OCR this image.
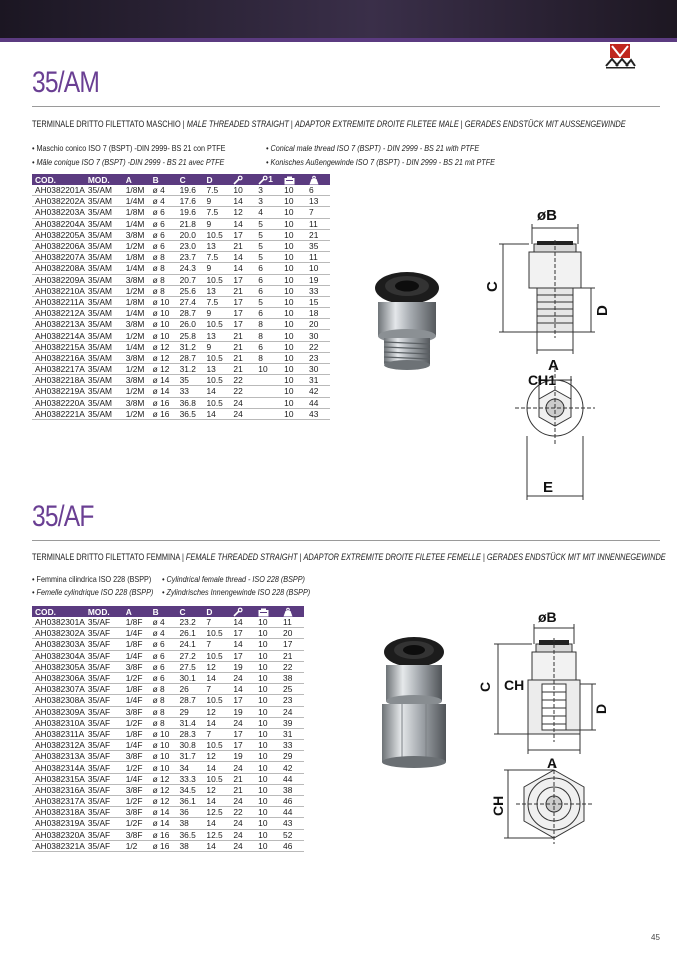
35/AM
TERMINALE DRITTO FILETTATO MASCHIO | MALE THREADED STRAIGHT | ADAPTOR EXTREMITE DROITE FILETEE MALE | GERADES ENDSTÜCK MIT AUSSENGEWINDE
• Maschio conico ISO 7 (BSPT) -DIN 2999- BS 21 con PTFE	• Conical male thread ISO 7 (BSPT) - DIN 2999 - BS 21 with PTFE
• Mâle conique ISO 7 (BSPT) -DIN 2999 - BS 21 avec PTFE	• Konisches Außengewinde ISO 7 (BSPT) - DIN 2999 - BS 21 mit PTFE
COD.	MOD.	A	B	C	D		1		
AH0382201A	35/AM	1/8M	ø 4	19.6	7.5	10	3	10	6
AH0382202A	35/AM	1/4M	ø 4	17.6	9	14	3	10	13
AH0382203A	35/AM	1/8M	ø 6	19.6	7.5	12	4	10	7
AH0382204A	35/AM	1/4M	ø 6	21.8	9	14	5	10	11
AH0382205A	35/AM	3/8M	ø 6	20.0	10.5	17	5	10	21
AH0382206A	35/AM	1/2M	ø 6	23.0	13	21	5	10	35
AH0382207A	35/AM	1/8M	ø 8	23.7	7.5	14	5	10	11
AH0382208A	35/AM	1/4M	ø 8	24.3	9	14	6	10	10
AH0382209A	35/AM	3/8M	ø 8	20.7	10.5	17	6	10	19
AH0382210A	35/AM	1/2M	ø 8	25.6	13	21	6	10	33
AH0382211A	35/AM	1/8M	ø 10	27.4	7.5	17	5	10	15
AH0382212A	35/AM	1/4M	ø 10	28.7	9	17	6	10	18
AH0382213A	35/AM	3/8M	ø 10	26.0	10.5	17	8	10	20
AH0382214A	35/AM	1/2M	ø 10	25.8	13	21	8	10	30
AH0382215A	35/AM	1/4M	ø 12	31.2	9	21	6	10	22
AH0382216A	35/AM	3/8M	ø 12	28.7	10.5	21	8	10	23
AH0382217A	35/AM	1/2M	ø 12	31.2	13	21	10	10	30
AH0382218A	35/AM	3/8M	ø 14	35	10.5	22		10	31
AH0382219A	35/AM	1/2M	ø 14	33	14	22		10	42
AH0382220A	35/AM	3/8M	ø 16	36.8	10.5	24		10	44
AH0382221A	35/AM	1/2M	ø 16	36.5	14	24		10	43
øB
C
D
A
E
CH1
35/AF
TERMINALE DRITTO FILETTATO FEMMINA | FEMALE THREADED STRAIGHT | ADAPTOR EXTREMITE DROITE FILETEE FEMELLE | GERADES ENDSTÜCK MIT MIT INNENNEGEWINDE
• Femmina cilindrica ISO 228 (BSPP) • Cylindrical female thread - ISO 228 (BSPP)
• Femelle cylindrique ISO 228 (BSPP) • Zylindrisches Innengewinde ISO 228 (BSPP)
COD.	MOD.	A	B	C	D			
AH0382301A	35/AF	1/8F	ø 4	23.2	7	14	10	11
AH0382302A	35/AF	1/4F	ø 4	26.1	10.5	17	10	20
AH0382303A	35/AF	1/8F	ø 6	24.1	7	14	10	17
AH0382304A	35/AF	1/4F	ø 6	27.2	10.5	17	10	21
AH0382305A	35/AF	3/8F	ø 6	27.5	12	19	10	22
AH0382306A	35/AF	1/2F	ø 6	30.1	14	24	10	38
AH0382307A	35/AF	1/8F	ø 8	26	7	14	10	25
AH0382308A	35/AF	1/4F	ø 8	28.7	10.5	17	10	23
AH0382309A	35/AF	3/8F	ø 8	29	12	19	10	24
AH0382310A	35/AF	1/2F	ø 8	31.4	14	24	10	39
AH0382311A	35/AF	1/8F	ø 10	28.3	7	17	10	31
AH0382312A	35/AF	1/4F	ø 10	30.8	10.5	17	10	33
AH0382313A	35/AF	3/8F	ø 10	31.7	12	19	10	29
AH0382314A	35/AF	1/2F	ø 10	34	14	24	10	42
AH0382315A	35/AF	1/4F	ø 12	33.3	10.5	21	10	44
AH0382316A	35/AF	3/8F	ø 12	34.5	12	21	10	38
AH0382317A	35/AF	1/2F	ø 12	36.1	14	24	10	46
AH0382318A	35/AF	3/8F	ø 14	36	12.5	22	10	44
AH0382319A	35/AF	1/2F	ø 14	38	14	24	10	43
AH0382320A	35/AF	3/8F	ø 16	36.5	12.5	24	10	52
AH0382321A	35/AF	1/2	ø 16	38	14	24	10	46
øB
C CH
D
A
CH
45
